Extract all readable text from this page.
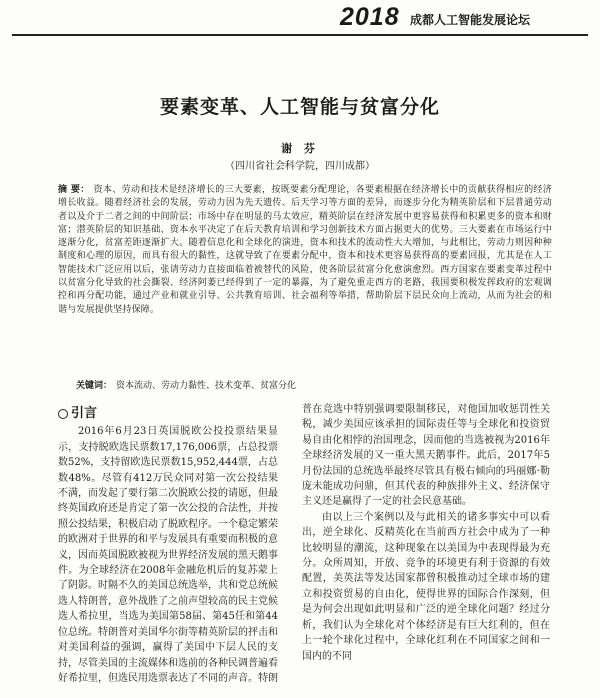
2018 成都人工智能发展论坛
要素变革、人工智能与贫富分化
谢 芬
（四川省社会科学院，四川成都）
摘 要： 资本、劳动和技术是经济增长的三大要素，按既要素分配理论，各要素根据在经济增长中的贡献获得相应的经济增长收益。随着经济社会的发展，劳动力因为先天遗传、后天学习等方面的差异，而逐步分化为精英阶层和下层普通劳动者以及介于二者之间的中间阶层；市场中存在明显的马太效应，精英阶层在经济发展中更容易获得和积累更多的资本和财富；潜英阶层的知识基础、资本水平决定了在后天教育培训和学习创新技术方面占据更大的优势。三大要素在市场运行中逐渐分化，贫富差距逐渐扩大。随着信息化和全球化的演进，资本和技术的流动性大大增加，与此相比，劳动力则因种种制度和心理的原因，而具有很大的黏性，这就导致了在要素分配中，资本和技术更容易获得高的要素回报，尤其是在人工智能技术广泛应用以后，张请劳动力直接面临着被替代的风险，使各阶层贫富分化愈演愈烈。西方国家在要素变革过程中以贫富分化导致的社会撕裂、经济阿萎已经得到了一定的暴露，为了避免重走西方的老路，我国要积极发挥政府的宏观调控和再分配功能，通过产业和就业引导、公共教育培训、社会福利等举措，帮助阶层下层民众向上流动，从而为社会的和谐与发展提供坚持保障。
关键词： 资本流动、劳动力黏性、技术变革、贫富分化
引言

2016年6月23日英国脱欧公投投票结果显示，支持脱欧选民票数17,176,006票，占总投票数52%，支持留欧选民票数15,952,444票，占总数48%。尽管有412万民众同对第一次公投结果不满，而发起了要行第二次脱欧公投的请愿，但最终英国政府还是肯定了第一次公投的合法性，并按照公投结果，积极启动了脱欧程序。一个稳定繁荣的欧洲对于世界的和平与发展具有重要而积极的意义，因而英国脱欧被视为世界经济发展的黑天鹅事件。为全球经济在2008年金融危机后的复苏蒙上了阴影。时隔不久的美国总统选举，共和党总统候选人特朗普，意外战胜了之前声望较高的民主党候选人希拉里，当选为美国第58届、第45任和第44位总统。特朗普对美国华尔街等精英阶层的抨击和对美国利益的强调，赢得了美国中下层人民的支持，尽管美国的主流媒体和选前的各种民调普遍看好希拉里，但选民用选票表达了不同的声音。特朗

普在竞选中特别强调要限制移民，对他国加收惩罚性关税，减少美国应该承担的国际责任等与全球化和投资贸易自由化相悖的治国理念，因而他的当选被视为2016年全球经济发展的又一重大黑天鹅事件。此后，2017年5月份法国的总统选举最终尽管具有极右倾向的玛丽娜·勒庞未能成功问鼎，但其代表的种族排外主义、经济保守主义还是赢得了一定的社会民意基础。

由以上三个案例以及与此相关的诸多事实中可以看出，逆全球化、反精英化在当前西方社会中成为了一种比较明显的潮流，这种现象在以美国为中表现得最为充分。众所周知，开放、竞争的环境更有利于资源的有效配置，美英法等发达国家都曾积极推动过全球市场的建立和投资贸易的自由化，使得世界的国际合作深刻，但是为何会出现如此明显和广泛的逆全球化问题？经过分析，我们认为全球化对个体经济是有巨大红利的，但在上一轮个球化过程中，全球化红利在不同国家之间和一国内的不同
